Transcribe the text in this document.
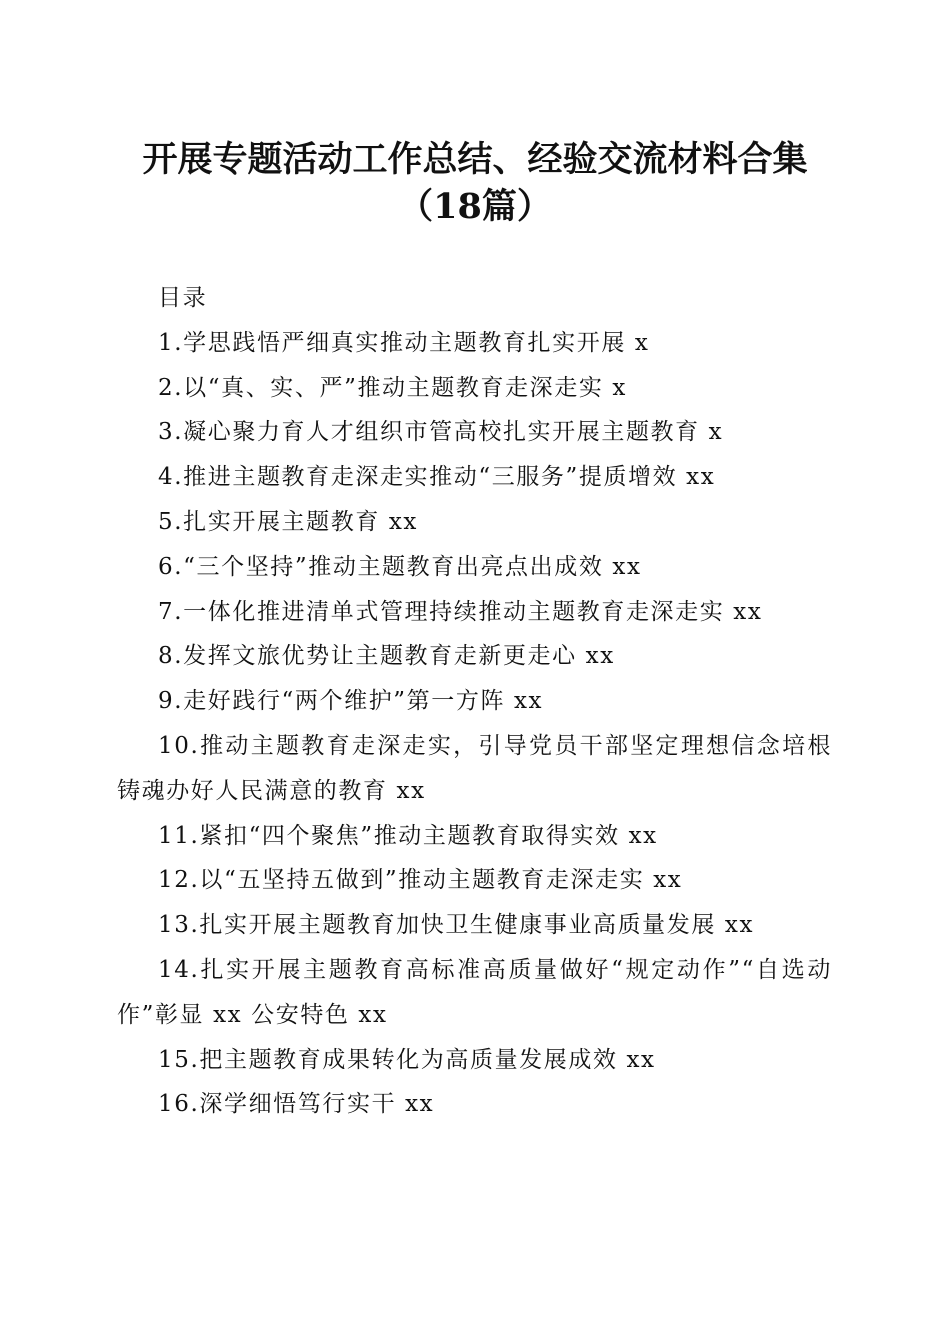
开展专题活动工作总结、经验交流材料合集
（18篇）

目录

1.学思践悟严细真实推动主题教育扎实开展 x

2.以“真、实、严”推动主题教育走深走实 x

3.凝心聚力育人才组织市管高校扎实开展主题教育 x

4.推进主题教育走深走实推动“三服务”提质增效 xx

5.扎实开展主题教育 xx

6.“三个坚持”推动主题教育出亮点出成效 xx

7.一体化推进清单式管理持续推动主题教育走深走实 xx

8.发挥文旅优势让主题教育走新更走心 xx

9.走好践行“两个维护”第一方阵 xx

10.推动主题教育走深走实，引导党员干部坚定理想信念培根铸魂办好人民满意的教育 xx

11.紧扣“四个聚焦”推动主题教育取得实效 xx

12.以“五坚持五做到”推动主题教育走深走实 xx

13.扎实开展主题教育加快卫生健康事业高质量发展 xx

14.扎实开展主题教育高标准高质量做好“规定动作”“自选动作”彰显 xx 公安特色 xx

15.把主题教育成果转化为高质量发展成效 xx

16.深学细悟笃行实干 xx
